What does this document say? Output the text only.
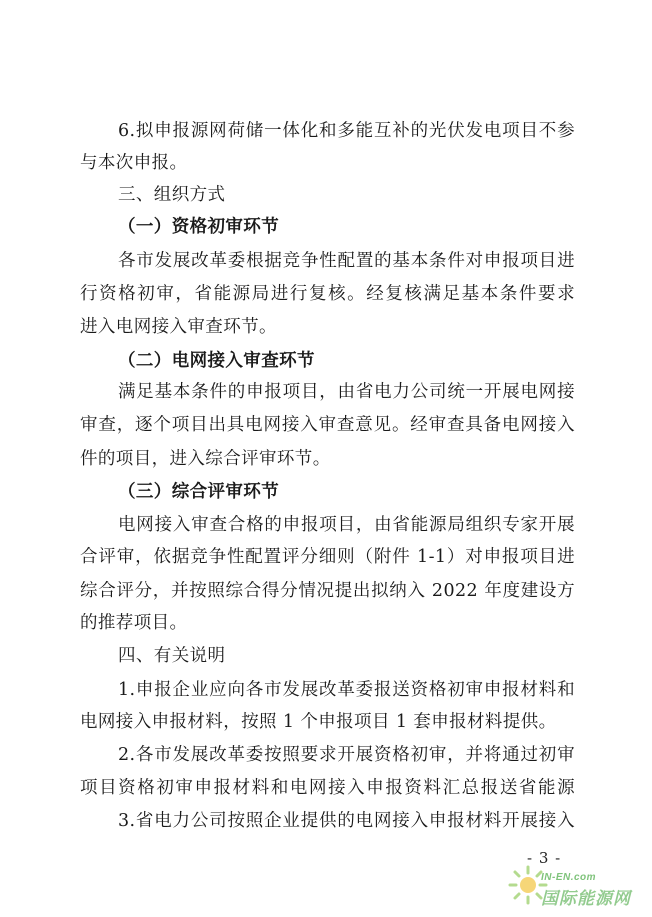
6.拟申报源网荷储一体化和多能互补的光伏发电项目不参
与本次申报。
三、组织方式
（一）资格初审环节
各市发展改革委根据竞争性配置的基本条件对申报项目进
行资格初审，省能源局进行复核。经复核满足基本条件要求
进入电网接入审查环节。
（二）电网接入审查环节
满足基本条件的申报项目，由省电力公司统一开展电网接
审查，逐个项目出具电网接入审查意见。经审查具备电网接入
件的项目，进入综合评审环节。
（三）综合评审环节
电网接入审查合格的申报项目，由省能源局组织专家开展
合评审，依据竞争性配置评分细则（附件 1-1）对申报项目进
综合评分，并按照综合得分情况提出拟纳入 2022 年度建设方
的推荐项目。
四、有关说明
1.申报企业应向各市发展改革委报送资格初审申报材料和
电网接入申报材料，按照 1 个申报项目 1 套申报材料提供。
2.各市发展改革委按照要求开展资格初审，并将通过初审
项目资格初审申报材料和电网接入申报资料汇总报送省能源
3.省电力公司按照企业提供的电网接入申报材料开展接入
- 3 -
IN-EN.com
国际能源网
